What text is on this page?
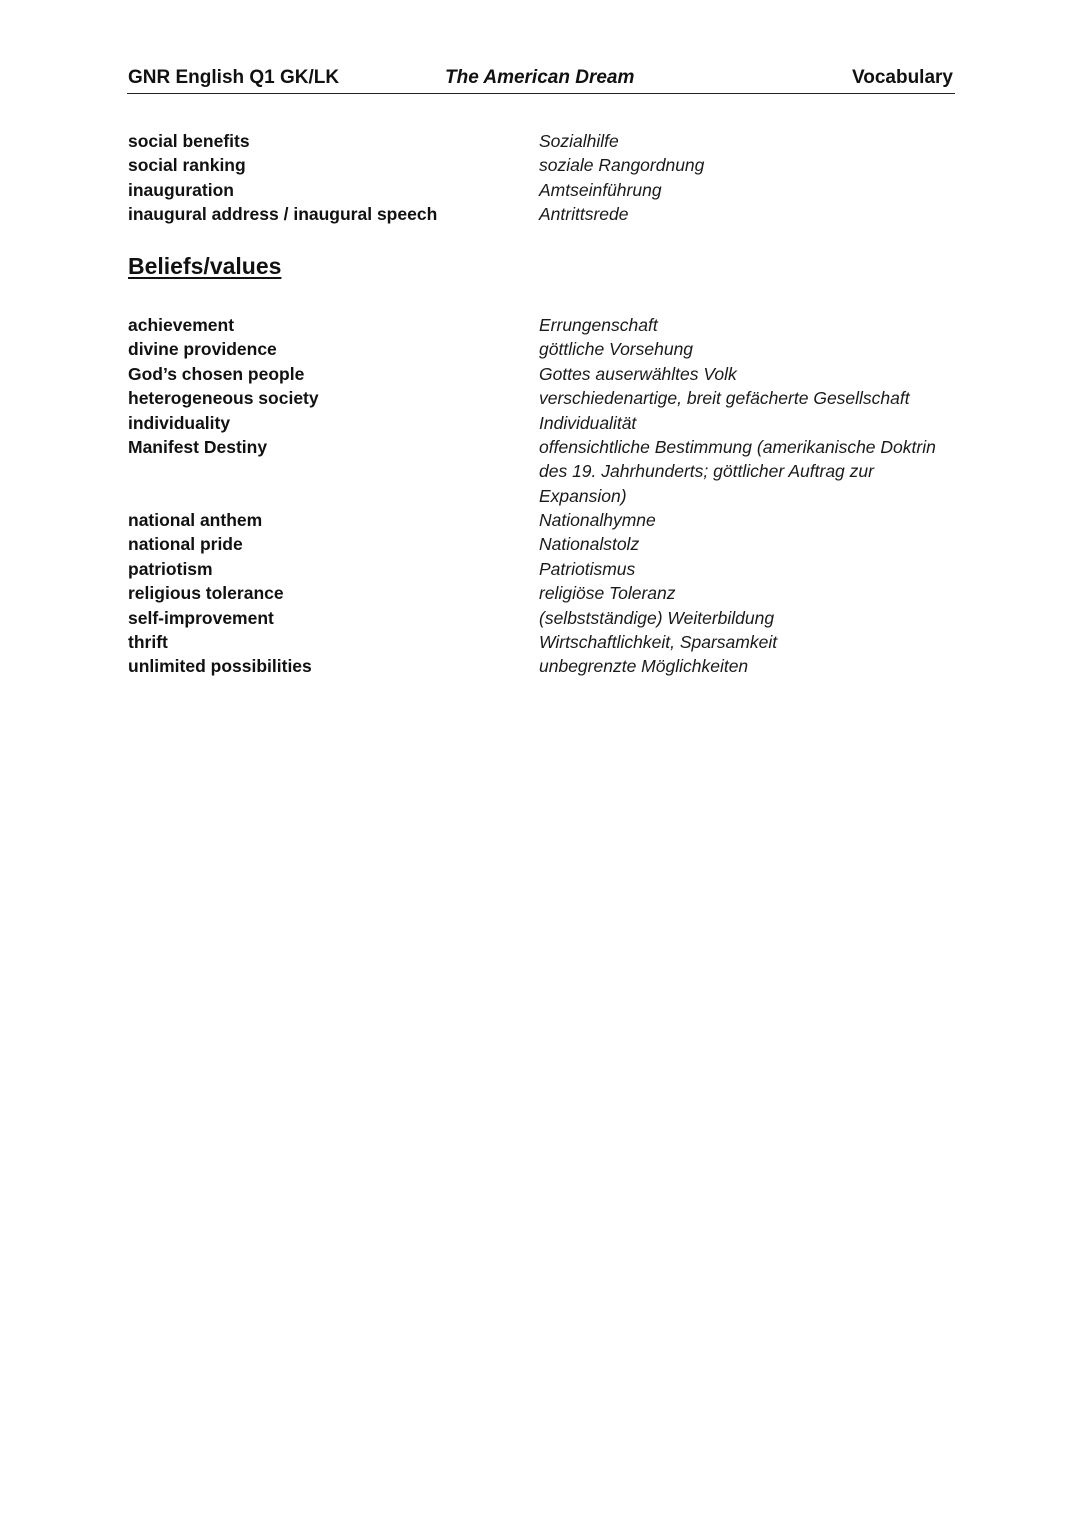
GNR English Q1 GK/LK	The American Dream	Vocabulary
social benefits	Sozialhilfe
social ranking	soziale Rangordnung
inauguration	Amtseinführung
inaugural address / inaugural speech	Antrittsrede
Beliefs/values
achievement	Errungenschaft
divine providence	göttliche Vorsehung
God’s chosen people	Gottes auserwähltes Volk
heterogeneous society	verschiedenartige, breit gefächerte Gesellschaft
individuality	Individualität
Manifest Destiny	offensichtliche Bestimmung (amerikanische Doktrin des 19. Jahrhunderts; göttlicher Auftrag zur Expansion)
national anthem	Nationalhymne
national pride	Nationalstolz
patriotism	Patriotismus
religious tolerance	religiöse Toleranz
self-improvement	(selbstständige) Weiterbildung
thrift	Wirtschaftlichkeit, Sparsamkeit
unlimited possibilities	unbegrenzte Möglichkeiten
